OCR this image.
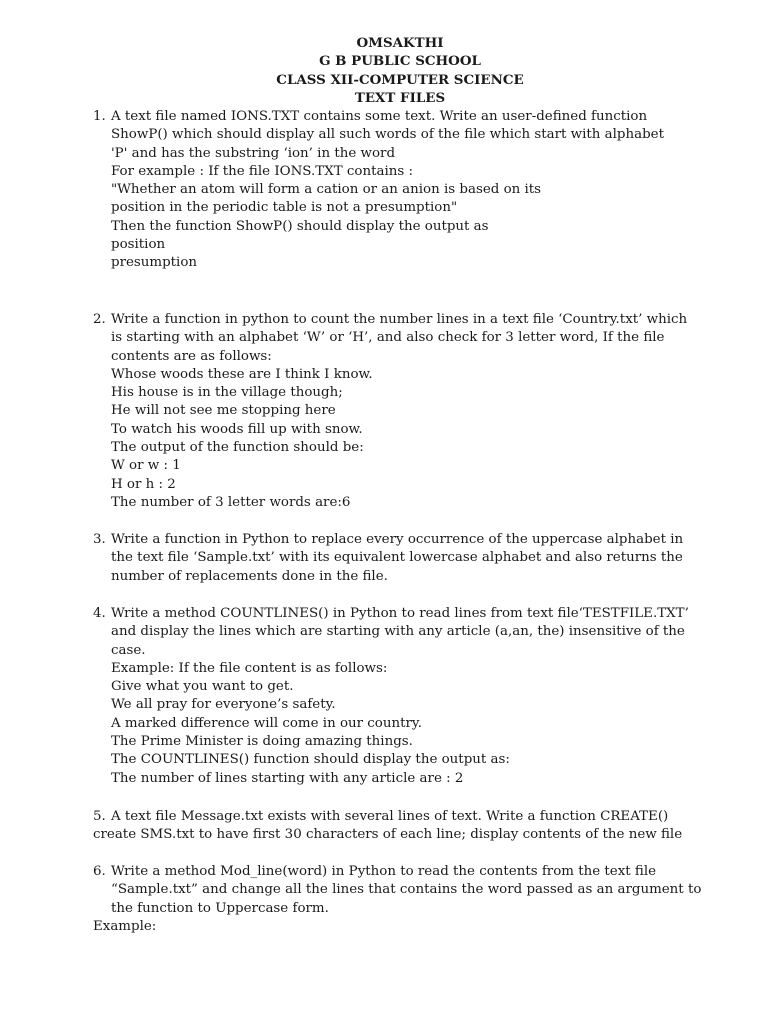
OMSAKTHI
G B PUBLIC SCHOOL
CLASS XII-COMPUTER SCIENCE
TEXT FILES
1. A text file named IONS.TXT contains some text. Write an user-defined function
ShowP() which should display all such words of the file which start with alphabet
'P' and has the substring ‘ion’ in the word
For example : If the file IONS.TXT contains :
"Whether an atom will form a cation or an anion is based on its
position in the periodic table is not a presumption"
Then the function ShowP() should display the output as
position
presumption
2. Write a function in python to count the number lines in a text file ‘Country.txt’ which
is starting with an alphabet ‘W’ or ‘H’, and also check for 3 letter word, If the file
contents are as follows:
Whose woods these are I think I know.
His house is in the village though;
He will not see me stopping here
To watch his woods fill up with snow.
The output of the function should be:
W or w : 1
H or h : 2
The number of 3 letter words are:6
3. Write a function in Python to replace every occurrence of the uppercase alphabet in
the text file ‘Sample.txt’ with its equivalent lowercase alphabet and also returns the
number of replacements done in the file.
4. Write a method COUNTLINES() in Python to read lines from text file‘TESTFILE.TXT’
and display the lines which are starting with any article (a,an, the) insensitive of the
case.
Example: If the file content is as follows:
Give what you want to get.
We all pray for everyone’s safety.
A marked difference will come in our country.
The Prime Minister is doing amazing things.
The COUNTLINES() function should display the output as:
The number of lines starting with any article are : 2
5. A text file Message.txt exists with several lines of text. Write a function CREATE()
create SMS.txt to have first 30 characters of each line; display contents of the new file
6. Write a method Mod_line(word) in Python to read the contents from the text file
“Sample.txt” and change all the lines that contains the word passed as an argument to
the function to Uppercase form.
Example:
